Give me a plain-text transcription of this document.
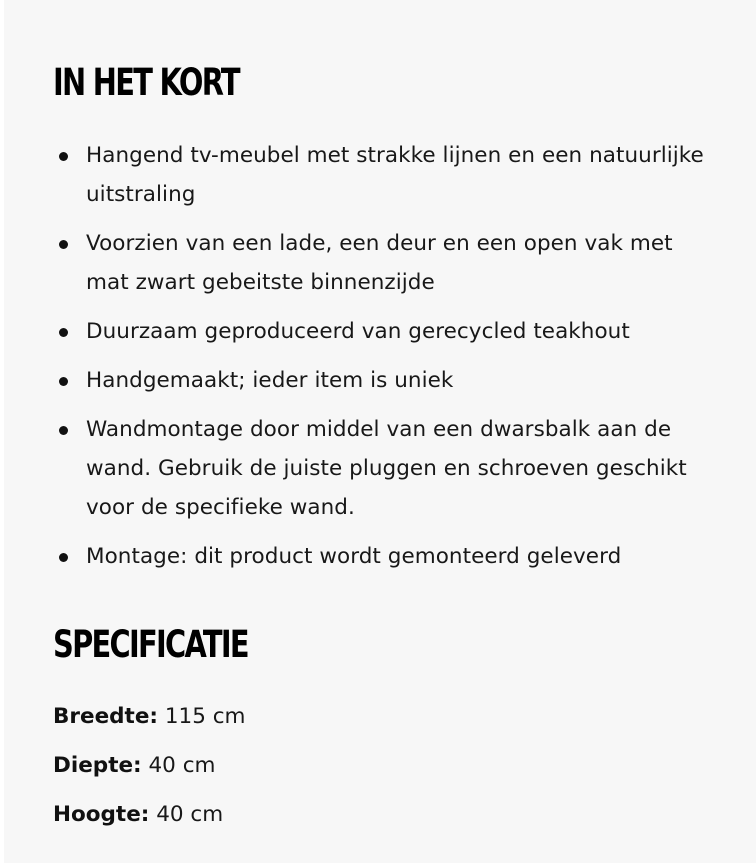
IN HET KORT
Hangend tv-meubel met strakke lijnen en een natuurlijke uitstraling
Voorzien van een lade, een deur en een open vak met mat zwart gebeitste binnenzijde
Duurzaam geproduceerd van gerecycled teakhout
Handgemaakt; ieder item is uniek
Wandmontage door middel van een dwarsbalk aan de wand. Gebruik de juiste pluggen en schroeven geschikt voor de specifieke wand.
Montage: dit product wordt gemonteerd geleverd
SPECIFICATIE
Breedte: 115 cm
Diepte: 40 cm
Hoogte: 40 cm
